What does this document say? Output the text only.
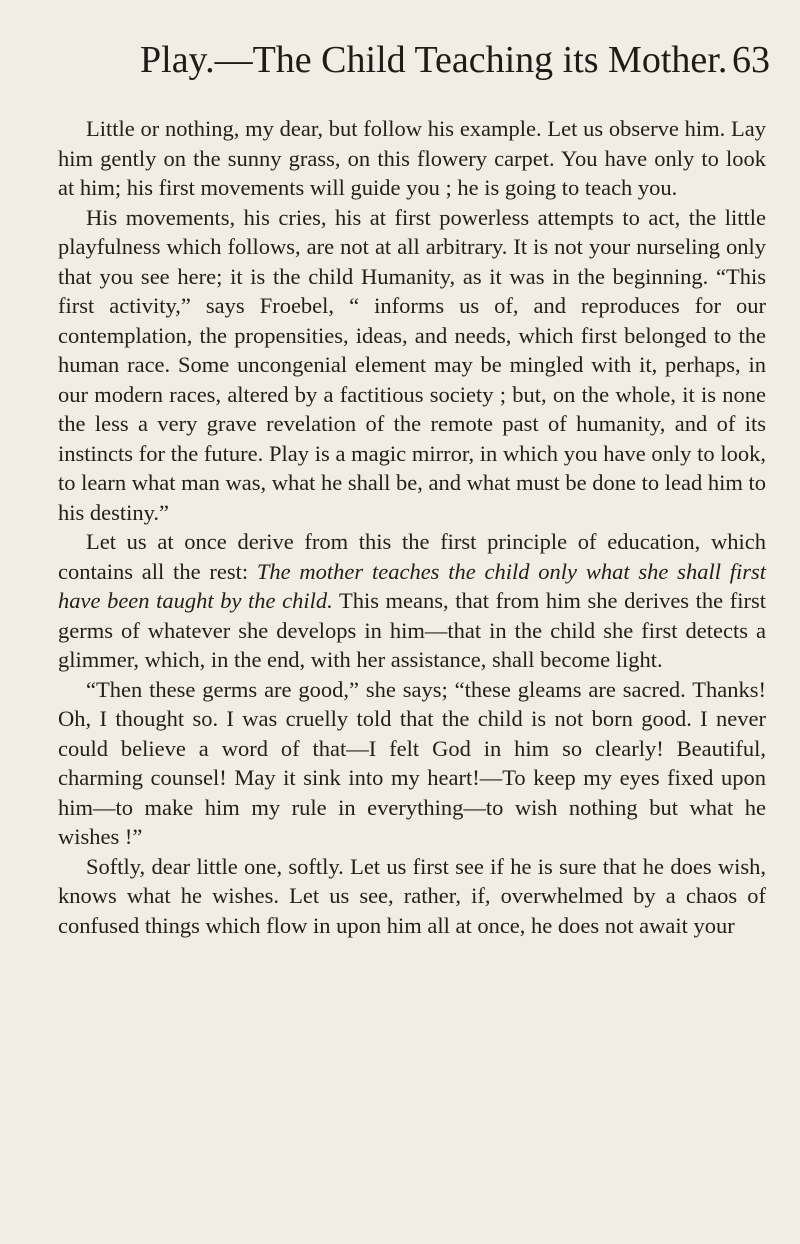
Play.—The Child Teaching its Mother. 63

Little or nothing, my dear, but follow his example. Let us observe him. Lay him gently on the sunny grass, on this flowery carpet. You have only to look at him; his first movements will guide you ; he is going to teach you.

His movements, his cries, his at first powerless attempts to act, the little playfulness which follows, are not at all arbitrary. It is not your nurseling only that you see here; it is the child Humanity, as it was in the beginning. “This first activity,” says Froebel, “ informs us of, and reproduces for our contemplation, the propensities, ideas, and needs, which first belonged to the human race. Some uncongenial element may be mingled with it, perhaps, in our modern races, altered by a factitious society ; but, on the whole, it is none the less a very grave revelation of the remote past of humanity, and of its instincts for the future. Play is a magic mirror, in which you have only to look, to learn what man was, what he shall be, and what must be done to lead him to his destiny.”

Let us at once derive from this the first principle of education, which contains all the rest: The mother teaches the child only what she shall first have been taught by the child. This means, that from him she derives the first germs of whatever she develops in him—that in the child she first detects a glimmer, which, in the end, with her assistance, shall become light.

“Then these germs are good,” she says; “these gleams are sacred. Thanks! Oh, I thought so. I was cruelly told that the child is not born good. I never could believe a word of that—I felt God in him so clearly! Beautiful, charming counsel! May it sink into my heart!—To keep my eyes fixed upon him—to make him my rule in everything—to wish nothing but what he wishes !”

Softly, dear little one, softly. Let us first see if he is sure that he does wish, knows what he wishes. Let us see, rather, if, overwhelmed by a chaos of confused things which flow in upon him all at once, he does not await your
